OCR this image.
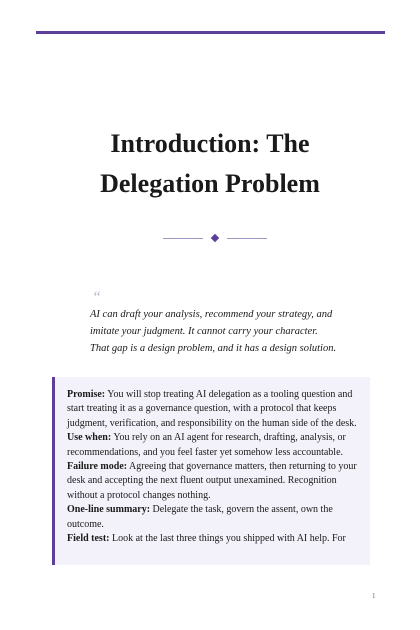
Introduction: The
Delegation Problem
“
AI can draft your analysis, recommend your strategy, and
imitate your judgment. It cannot carry your character.
That gap is a design problem, and it has a design solution.

Promise: You will stop treating AI delegation as a tooling question and start treating it as a governance question, with a protocol that keeps judgment, verification, and responsibility on the human side of the desk.

Use when: You rely on an AI agent for research, drafting, analysis, or recommendations, and you feel faster yet somehow less accountable.

Failure mode: Agreeing that governance matters, then returning to your desk and accepting the next fluent output unexamined. Recognition without a protocol changes nothing.

One-line summary: Delegate the task, govern the assent, own the outcome.

Field test: Look at the last three things you shipped with AI help. For

1
